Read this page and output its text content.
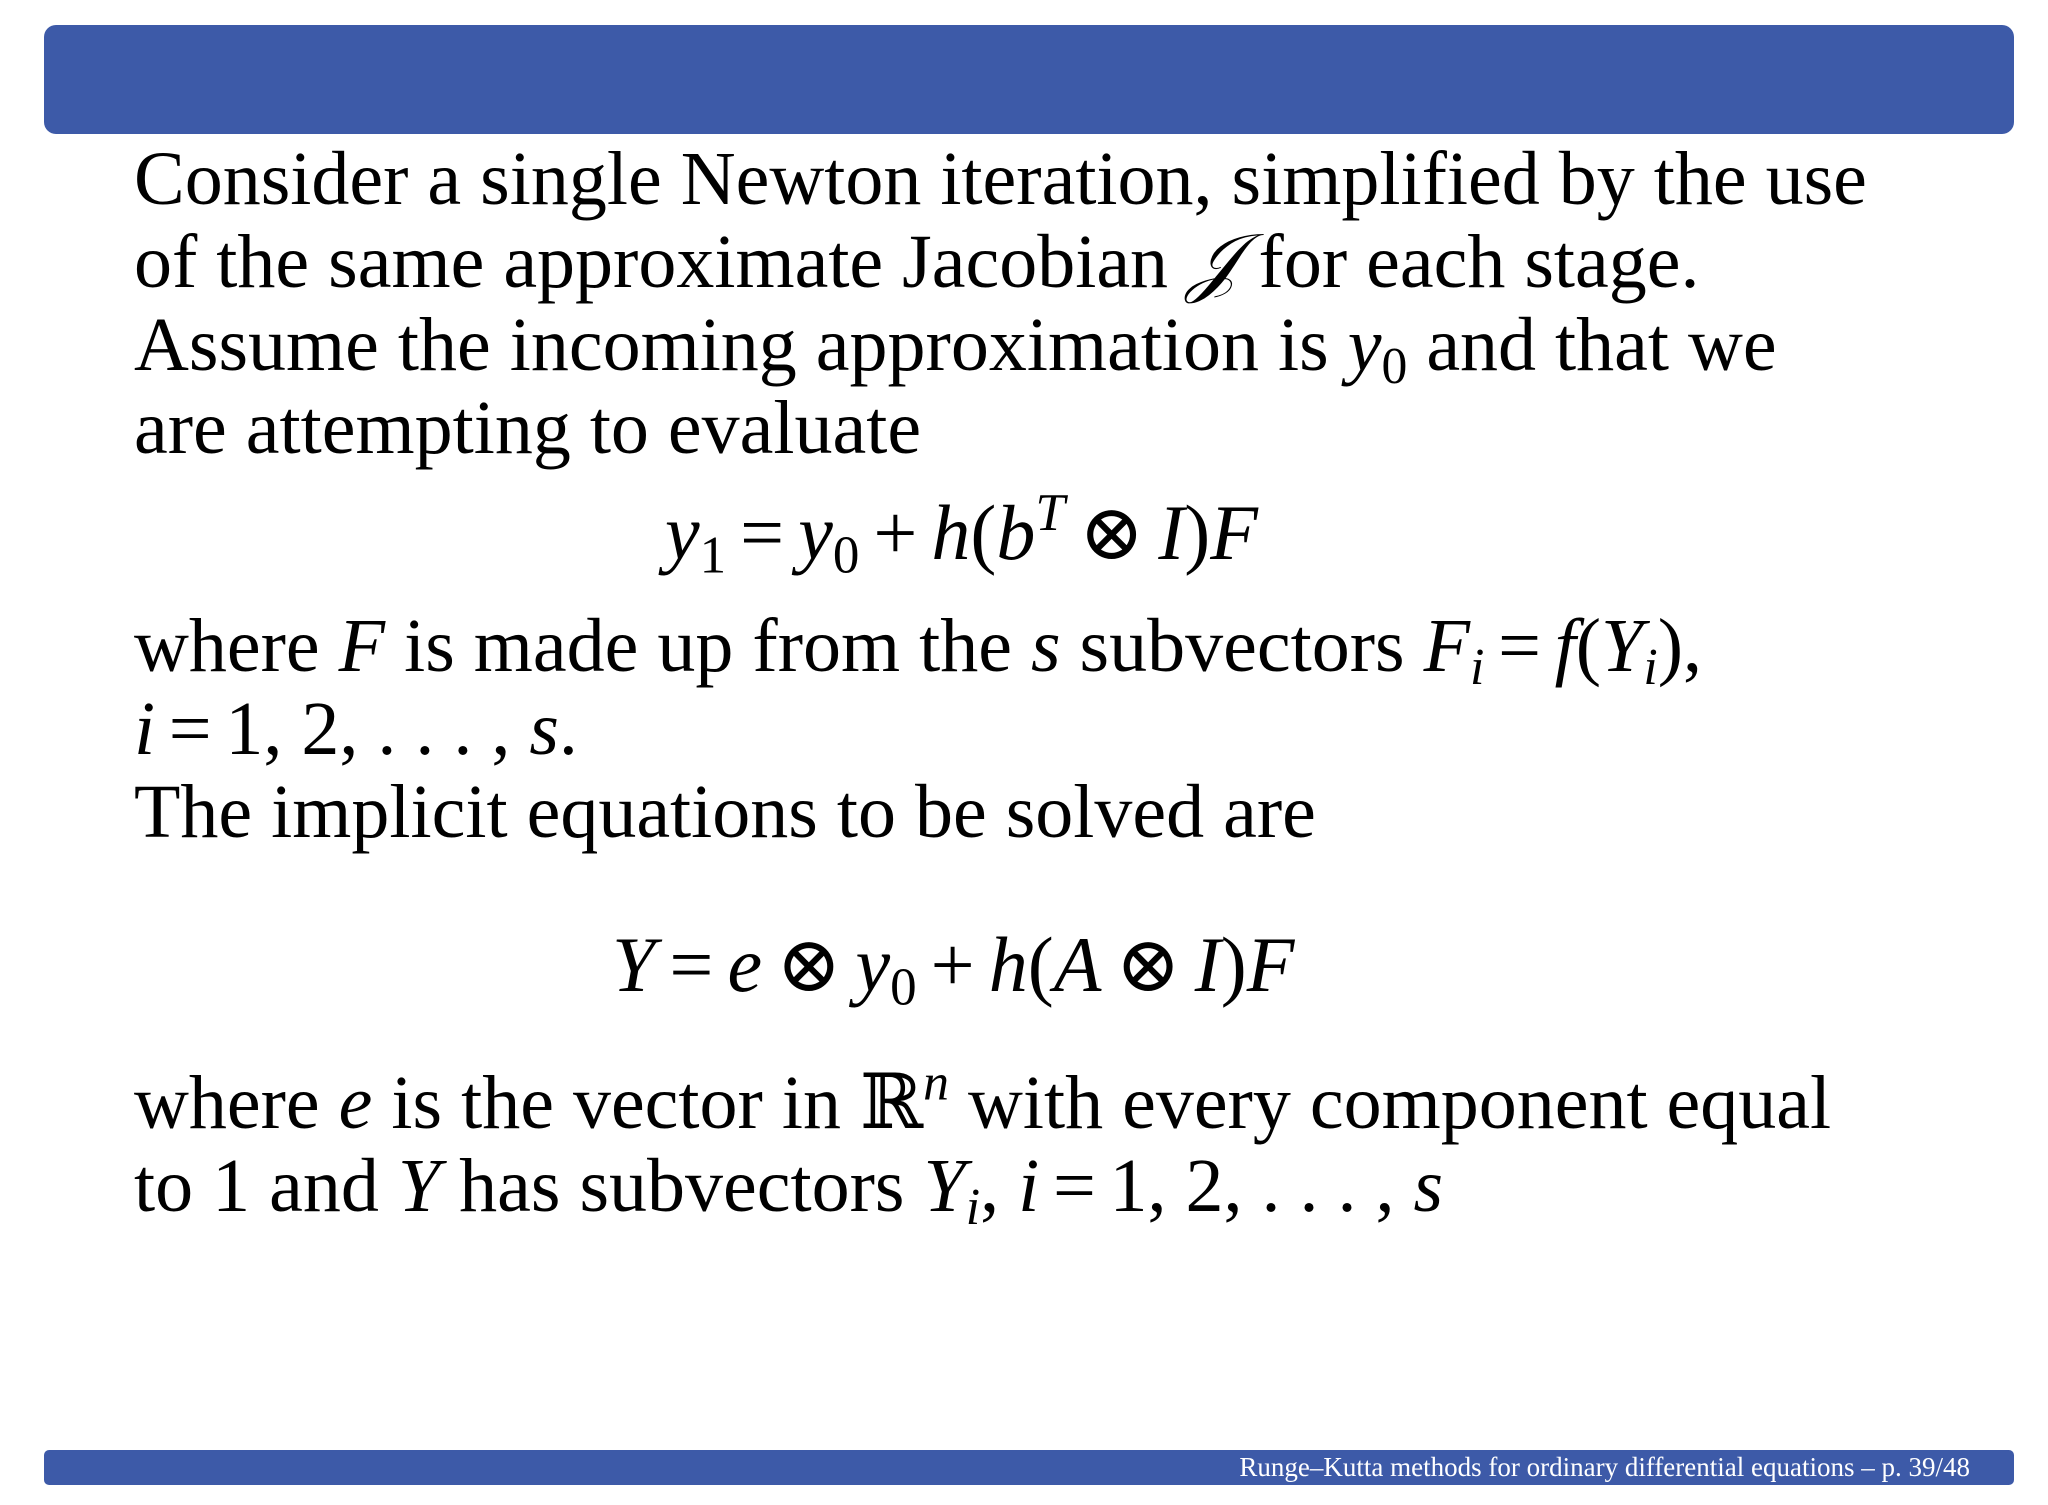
Consider a single Newton iteration, simplified by the use
of the same approximate Jacobian 𝒥 for each stage.
Assume the incoming approximation is $y_0$ and that we
are attempting to evaluate
$y_1 = y_0 + h(b^T$ ⊗ I)F
where F is made up from the s subvectors Fi = f(Yi),
i = 1, 2, . . . , s.
The implicit equations to be solved are
Y = e ⊗ $y_0 + h(A$ ⊗ I)F
where e is the vector in ℝ$^n$ with every component equal
to 1 and Y has subvectors Yi, i = 1, 2, . . . , s
Runge–Kutta methods for ordinary differential equations – p. 39/48
